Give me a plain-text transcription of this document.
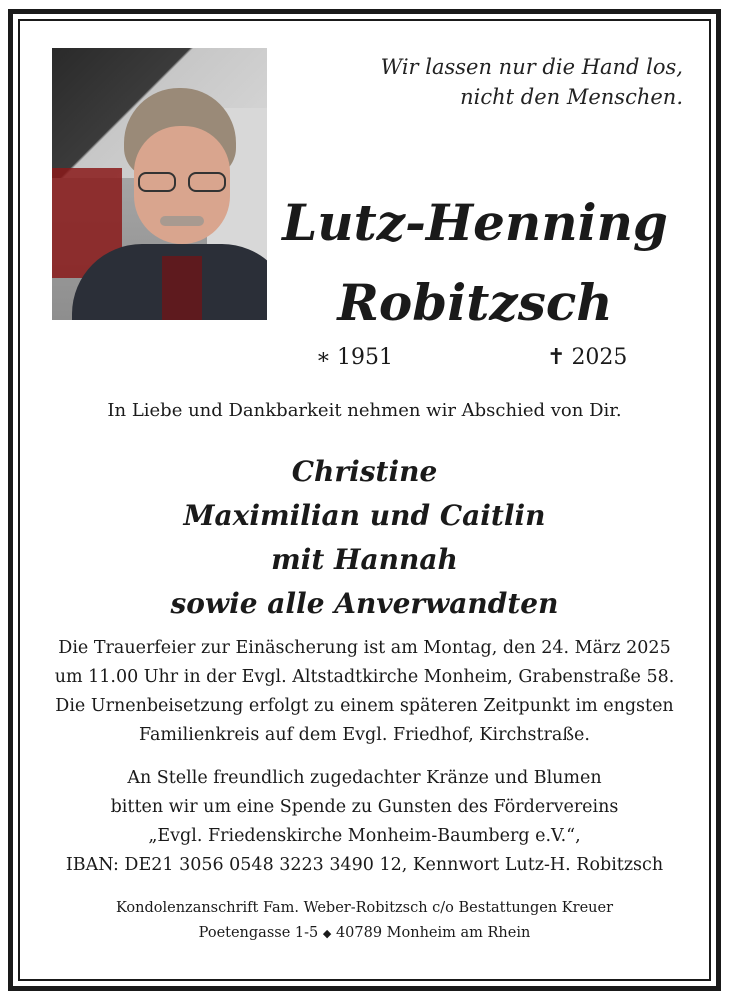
Wir lassen nur die Hand los,
nicht den Menschen.
Lutz-Henning
Robitzsch
∗ 1951	✝ 2025
In Liebe und Dankbarkeit nehmen wir Abschied von Dir.
Christine
Maximilian und Caitlin
mit Hannah
sowie alle Anverwandten
Die Trauerfeier zur Einäscherung ist am Montag, den 24. März 2025
um 11.00 Uhr in der Evgl. Altstadtkirche Monheim, Grabenstraße 58.
Die Urnenbeisetzung erfolgt zu einem späteren Zeitpunkt im engsten
Familienkreis auf dem Evgl. Friedhof, Kirchstraße.
An Stelle freundlich zugedachter Kränze und Blumen
bitten wir um eine Spende zu Gunsten des Fördervereins
„Evgl. Friedenskirche Monheim-Baumberg e.V.“,
IBAN: DE21 3056 0548 3223 3490 12, Kennwort Lutz-H. Robitzsch
Kondolenzanschrift Fam. Weber-Robitzsch c/o Bestattungen Kreuer
Poetengasse 1-5 ◆ 40789 Monheim am Rhein
